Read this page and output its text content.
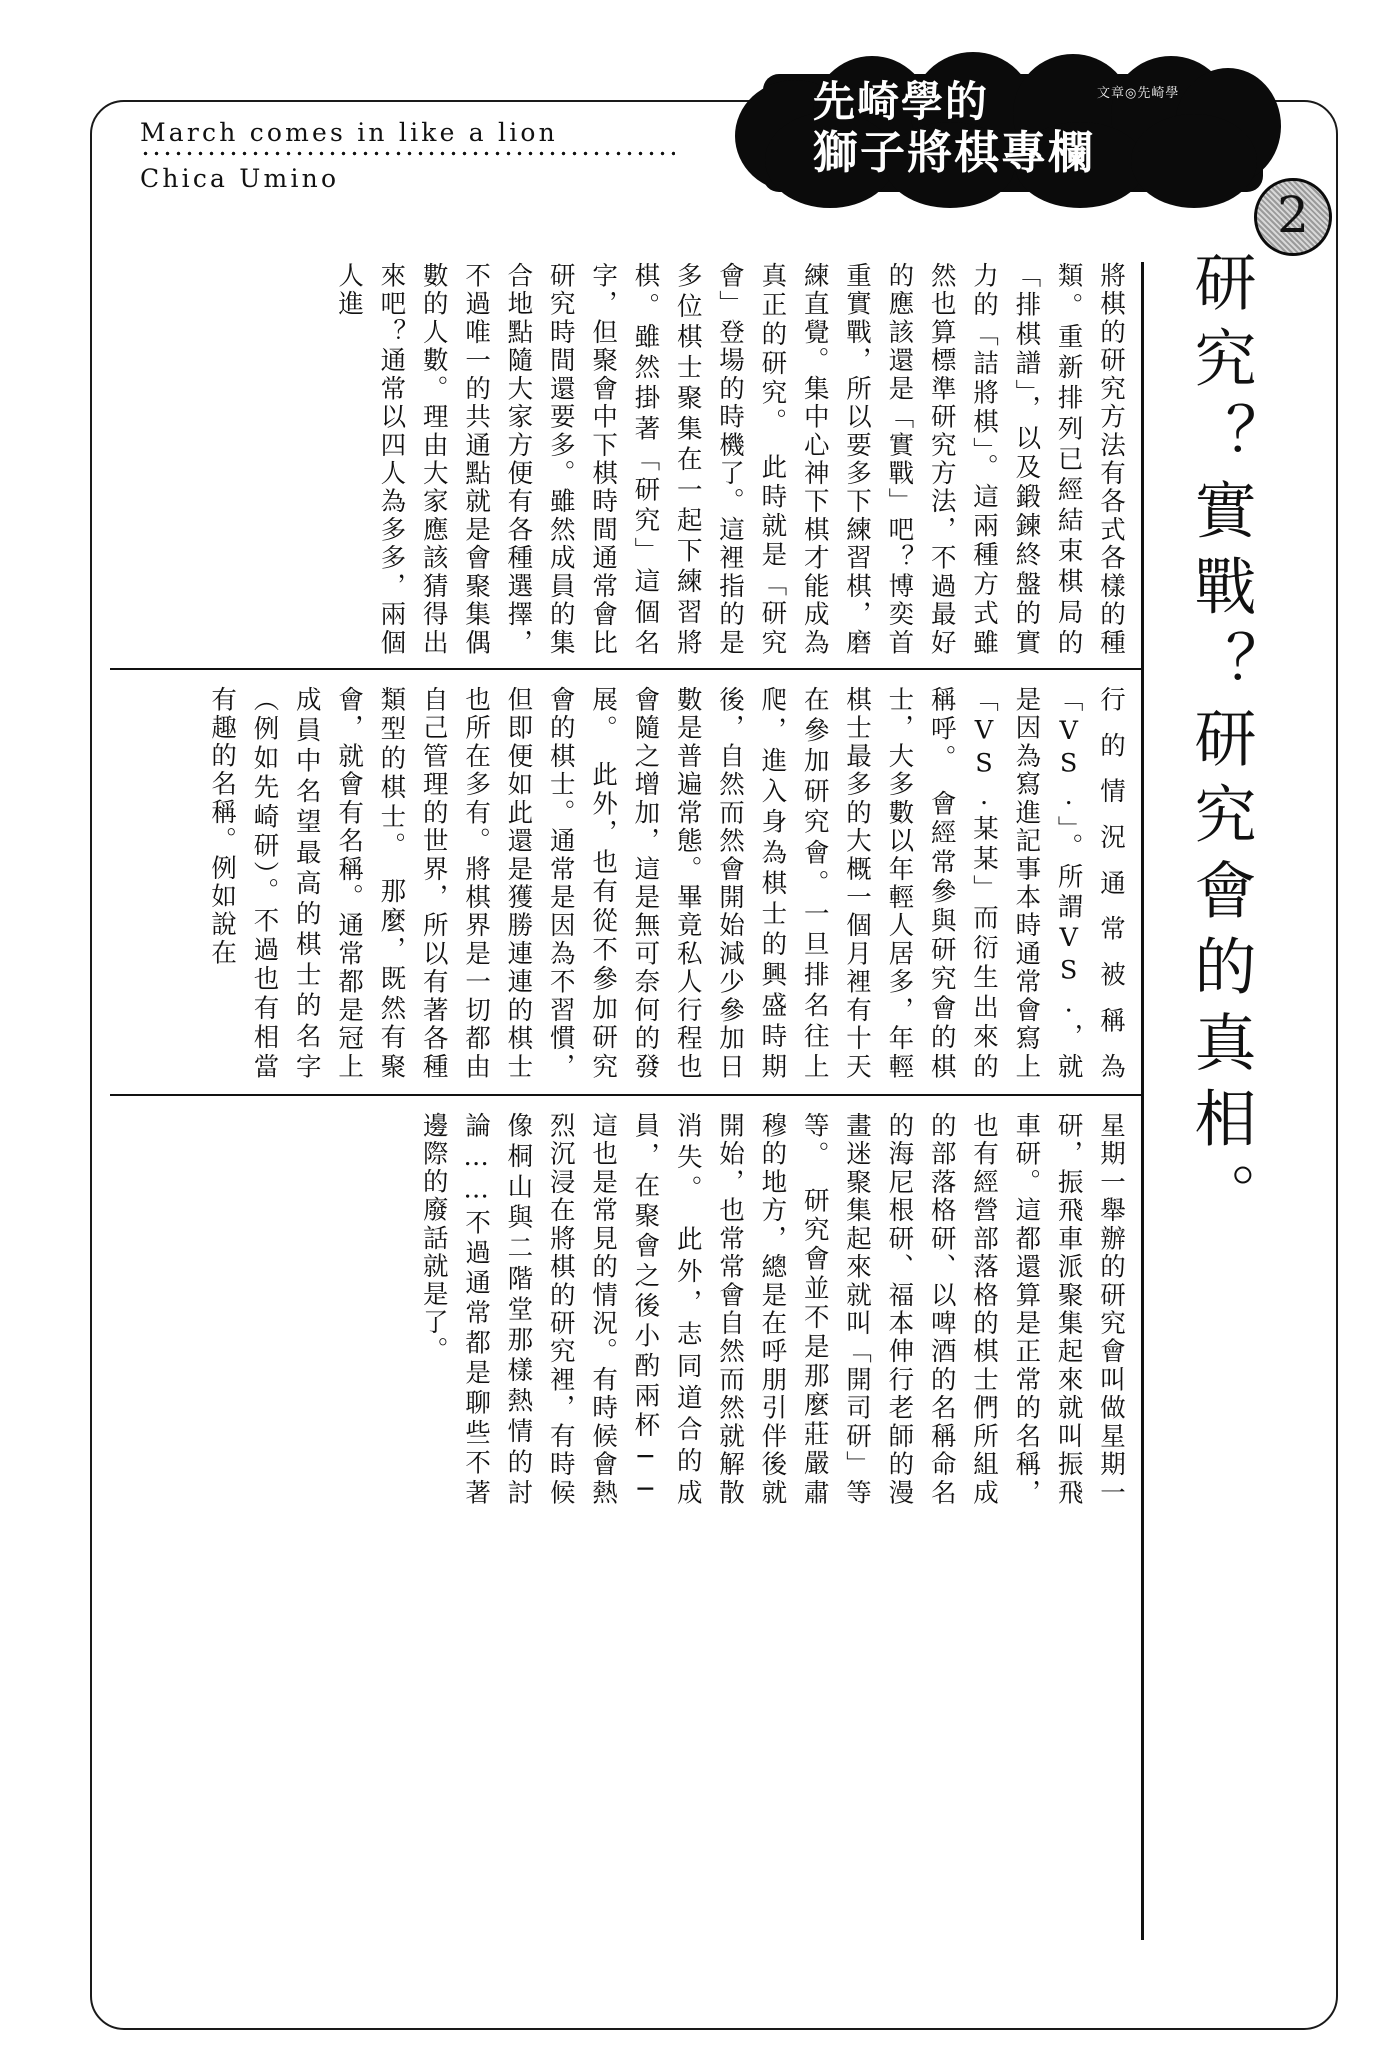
March comes in like a lion
Chica Umino
先崎學的
獅子將棋專欄
文章◎先崎學
2
研究？實戰？研究會的真相。
將棋的研究方法有各式各樣的種類。重新排列已經結束棋局的「排棋譜」，以及鍛鍊終盤的實力的「詰將棋」。這兩種方式雖然也算標準研究方法，不過最好的應該還是「實戰」吧？博奕首重實戰，所以要多下練習棋，磨練直覺。集中心神下棋才能成為真正的研究。　此時就是「研究會」登場的時機了。這裡指的是多位棋士聚集在一起下練習將棋。雖然掛著「研究」這個名字，但聚會中下棋時間通常會比研究時間還要多。雖然成員的集合地點隨大家方便有各種選擇，不過唯一的共通點就是會聚集偶數的人數。理由大家應該猜得出來吧？通常以四人為多多，兩個人進
行的情況通常被稱為「VS.」。所謂VS.，就是因為寫進記事本時通常會寫上「VS.某某」而衍生出來的稱呼。　會經常參與研究會的棋士，大多數以年輕人居多，年輕棋士最多的大概一個月裡有十天在參加研究會。一旦排名往上爬，進入身為棋士的興盛時期後，自然而然會開始減少參加日數是普遍常態。畢竟私人行程也會隨之增加，這是無可奈何的發展。　此外，也有從不參加研究會的棋士。通常是因為不習慣，但即便如此還是獲勝連連的棋士也所在多有。將棋界是一切都由自己管理的世界，所以有著各種類型的棋士。　那麼，既然有聚會，就會有名稱。通常都是冠上成員中名望最高的棋士的名字（例如先崎研）。不過也有相當有趣的名稱。例如說在
星期一舉辦的研究會叫做星期一研，振飛車派聚集起來就叫振飛車研。這都還算是正常的名稱，也有經營部落格的棋士們所組成的部落格研、以啤酒的名稱命名的海尼根研、福本伸行老師的漫畫迷聚集起來就叫「開司研」等等。　研究會並不是那麼莊嚴肅穆的地方，總是在呼朋引伴後就開始，也常常會自然而然就解散消失。　此外，志同道合的成員，在聚會之後小酌兩杯──這也是常見的情況。有時候會熱烈沉浸在將棋的研究裡，有時候像桐山與二階堂那樣熱情的討論……不過通常都是聊些不著邊際的廢話就是了。
